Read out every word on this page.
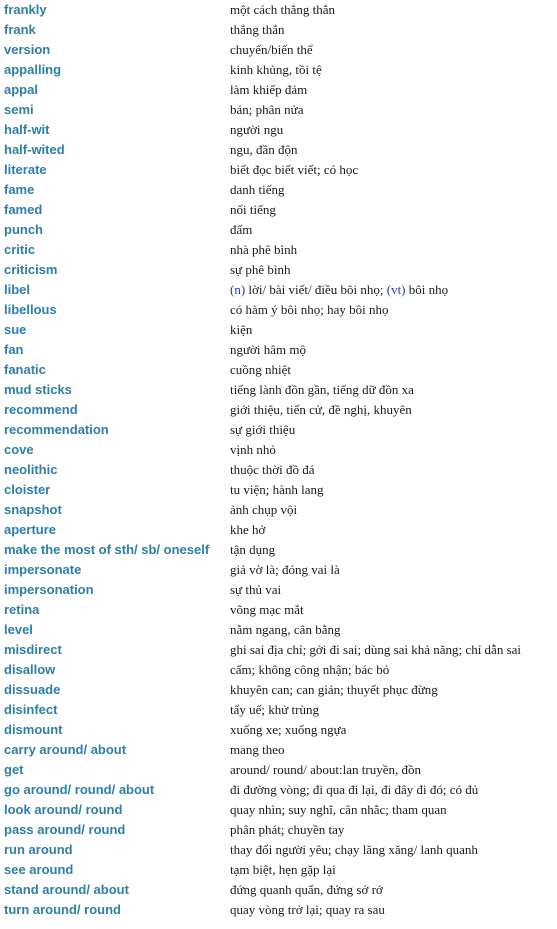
frankly	một cách thẳng thắn
frank	thẳng thắn
version	chuyển/biến thể
appalling	kinh khủng, tồi tệ
appal	làm khiếp đảm
semi	bán; phân nửa
half-wit	người ngu
half-wited	ngu, đần độn
literate	biết đọc biết viết; có học
fame	danh tiếng
famed	nổi tiếng
punch	đấm
critic	nhà phê bình
criticism	sự phê bình
libel	(n) lời/ bài viết/ điều bôi nhọ; (vt) bôi nhọ
libellous	có hàm ý bôi nhọ; hay bôi nhọ
sue	kiện
fan	người hâm mộ
fanatic	cuồng nhiệt
mud sticks	tiếng lành đồn gần, tiếng dữ đồn xa
recommend	giới thiệu, tiến cử, đề nghị, khuyên
recommendation	sự giới thiệu
cove	vịnh nhỏ
neolithic	thuộc thời đồ đá
cloister	tu viện; hành lang
snapshot	ảnh chụp vội
aperture	khe hở
make the most of sth/ sb/ oneself	tận dụng
impersonate	giả vờ là; đóng vai là
impersonation	sự thủ vai
retina	võng mạc mắt
level	nằm ngang, cân bằng
misdirect	ghi sai địa chỉ; gởi đi sai; dùng sai khả năng; chỉ dẫn sai
disallow	cấm; không công nhận; bác bỏ
dissuade	khuyên can; can gián; thuyết phục đừng
disinfect	tẩy uế; khử trùng
dismount	xuống xe; xuống ngựa
carry around/ about	mang theo
get	around/ round/ about:lan truyền, đồn
go around/ round/ about	đi đường vòng; đi qua đi lại, đi đây đi đó; có đủ
look around/ round	quay nhìn; suy nghĩ, cân nhắc; tham quan
pass around/ round	phân phát; chuyền tay
run around	thay đổi người yêu; chạy lăng xăng/ lanh quanh
see around	tạm biệt, hẹn gặp lại
stand around/ about	đứng quanh quẩn, đứng sớ rớ
turn around/ round	quay vòng trở lại; quay ra sau
